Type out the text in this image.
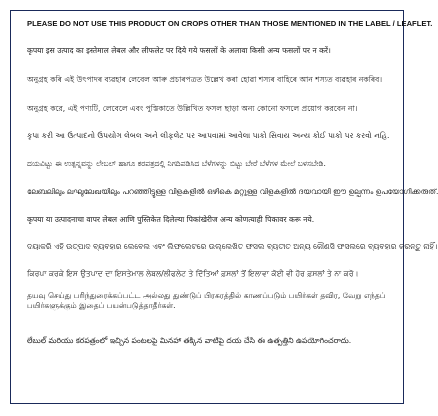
PLEASE DO NOT USE THIS PRODUCT ON CROPS OTHER THAN THOSE MENTIONED IN THE LABEL / LEAFLET.
कृपया इस उत्पाद का इस्तेमाल लेबल और लीफलेट पर दिये गये फसलों के अलावा किसी अन्य फसलों पर न करें।
অনুগ্ৰহ কৰি এই উৎপাদৰ ব্যৱহাৰ লেবেল আৰু প্ৰচাৰপত্ৰত উল্লেখ কৰা হোৱা শস্যৰ বাহিৰে আন শস্যত ব্যৱহাৰ নকৰিব।
অনুগ্রহ করে, এই পণ্যটি, লেবেলে এবং পুস্তিকাতে উল্লিখিত ফসল ছাড়া অন্য কোনো ফসলে প্রয়োগ করবেন না।
કૃપા કરી આ ઉત્પાદનો ઉપયોગ લેબલ અને લીફલેટ પર આપવામાં આવેલા પાકો સિવાય અન્ય કોઈ પાકો પર કરવો નહિ.
ದಯವಿಟ್ಟು ಈ ಉತ್ಪನ್ನವನ್ನು ಲೇಬಲ್ ಹಾಗೂ ಕರಪತ್ರದಲ್ಲಿ ನಿಗದಿಪಡಿಸಿದ ಬೆಳೆಗಳನ್ನು ಬಿಟ್ಟು ಬೇರೆ ಬೆಳೆಗಳ ಮೇಲೆ ಬಳಸಬೇಡಿ.
ലേബലിലും ലഘുലേഖയിലും പറഞ്ഞിട്ടുള്ള വിളകളിൽ ഒഴികെ മറ്റുള്ള വിളകളിൽ ദയവായി ഈ ഉല്പന്നം ഉപയോഗിക്കരുത്.
कृपया या उत्पादनाचा वापर लेबल आणि पुस्तिकेत दिलेल्या पिकांखेरीज अन्य कोणत्याही पिकावर करू नये.
ଦୟାକରି ଏହି ଉତ୍ପାଦ ବ୍ୟବହାର ଲେବେଲ ଏବଂ ଲିଫଲେଟରେ ଉଲ୍ଲେଖିତ ଫସଲ ବ୍ୟତୀତ ଅନ୍ୟ କୌଣସି ଫସଲରେ ବ୍ୟବହାର କରନ୍ତୁ ନାହିଁ।
ਕਿਰਪਾ ਕਰਕੇ ਇਸ ਉਤਪਾਦ ਦਾ ਇਸਤੇਮਾਲ ਲੇਬਲ/ਲੀਫਲੇਟ ਤੇ ਦਿੱਤਿਆਂ ਫ਼ਸਲਾਂ ਤੋਂ ਇਲਾਵਾ ਕੋਈ ਵੀ ਹੋਰ ਫ਼ਸਲਾਂ ਤੇ ਨਾ ਕਰੋ।
தயவு செய்து பரிந்துரைக்கப்பட்ட அல்லது துண்டுப் பிரசுரத்தில் காணப்படும் பயிர்கள் தவிர, வேறு எந்தப் பயிர்களுக்கும் இதைப் பயன்படுத்தாதீர்கள்.
లేబుల్ మరియు కరపత్రంలో ఇచ్చిన పంటలపై మినహా తక్కిన వాటిపై దయ చేసి ఈ ఉత్పత్తిని ఉపయోగించరాదు.
